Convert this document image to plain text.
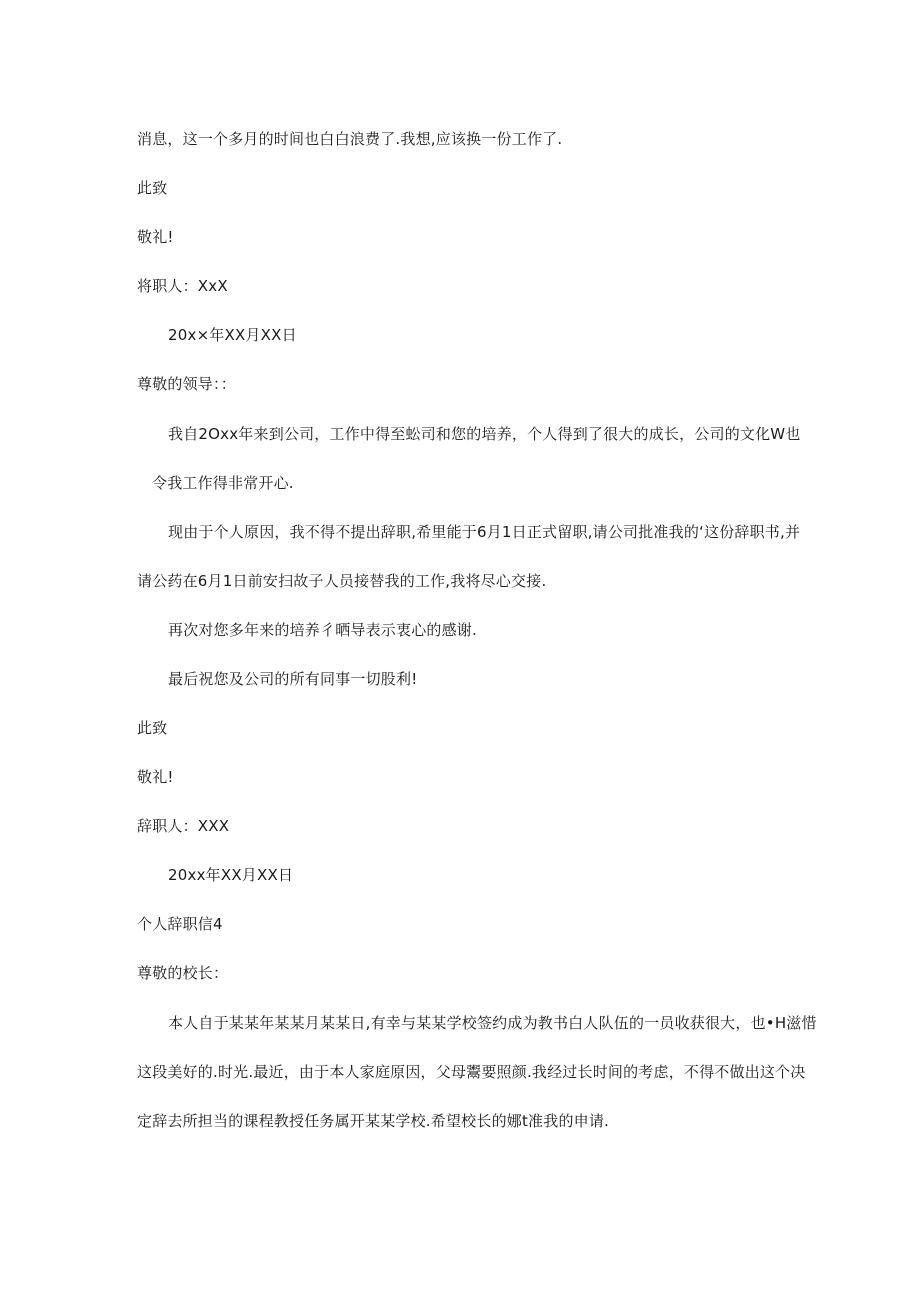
消息，这一个多月的时间也白白浪费了.我想,应该换一份工作了.
此致
敬礼!
将职人：XxX
20x×年XX月XX日
尊敬的领导：：
我自2Oxx年来到公司，工作中得至蚣司和您的培养，个人得到了很大的成长，公司的文化W也
令我工作得非常开心.
现由于个人原因，我不得不提出辞职,希里能于6月1日正式留职,请公司批准我的‘这份辞职书,并
请公药在6月1日前安扫故子人员接替我的工作,我将尽心交接.
再次对您多年来的培养彳晒导表示衷心的感谢.
最后祝您及公司的所有同事一切股利!
此致
敬礼!
辞职人：XXX
20xx年XX月XX日
个人辞职信4
尊敬的校长：
本人自于某某年某某月某某日,有幸与某某学校签约成为教书白人队伍的一员收获很大，也•H滋惜
这段美好的.时光.最近，由于本人家庭原因，父母鬻要照颜.我经过长时间的考虑，不得不做出这个决
定辞去所担当的课程教授任务属开某某学校.希望校长的娜t准我的申请.
